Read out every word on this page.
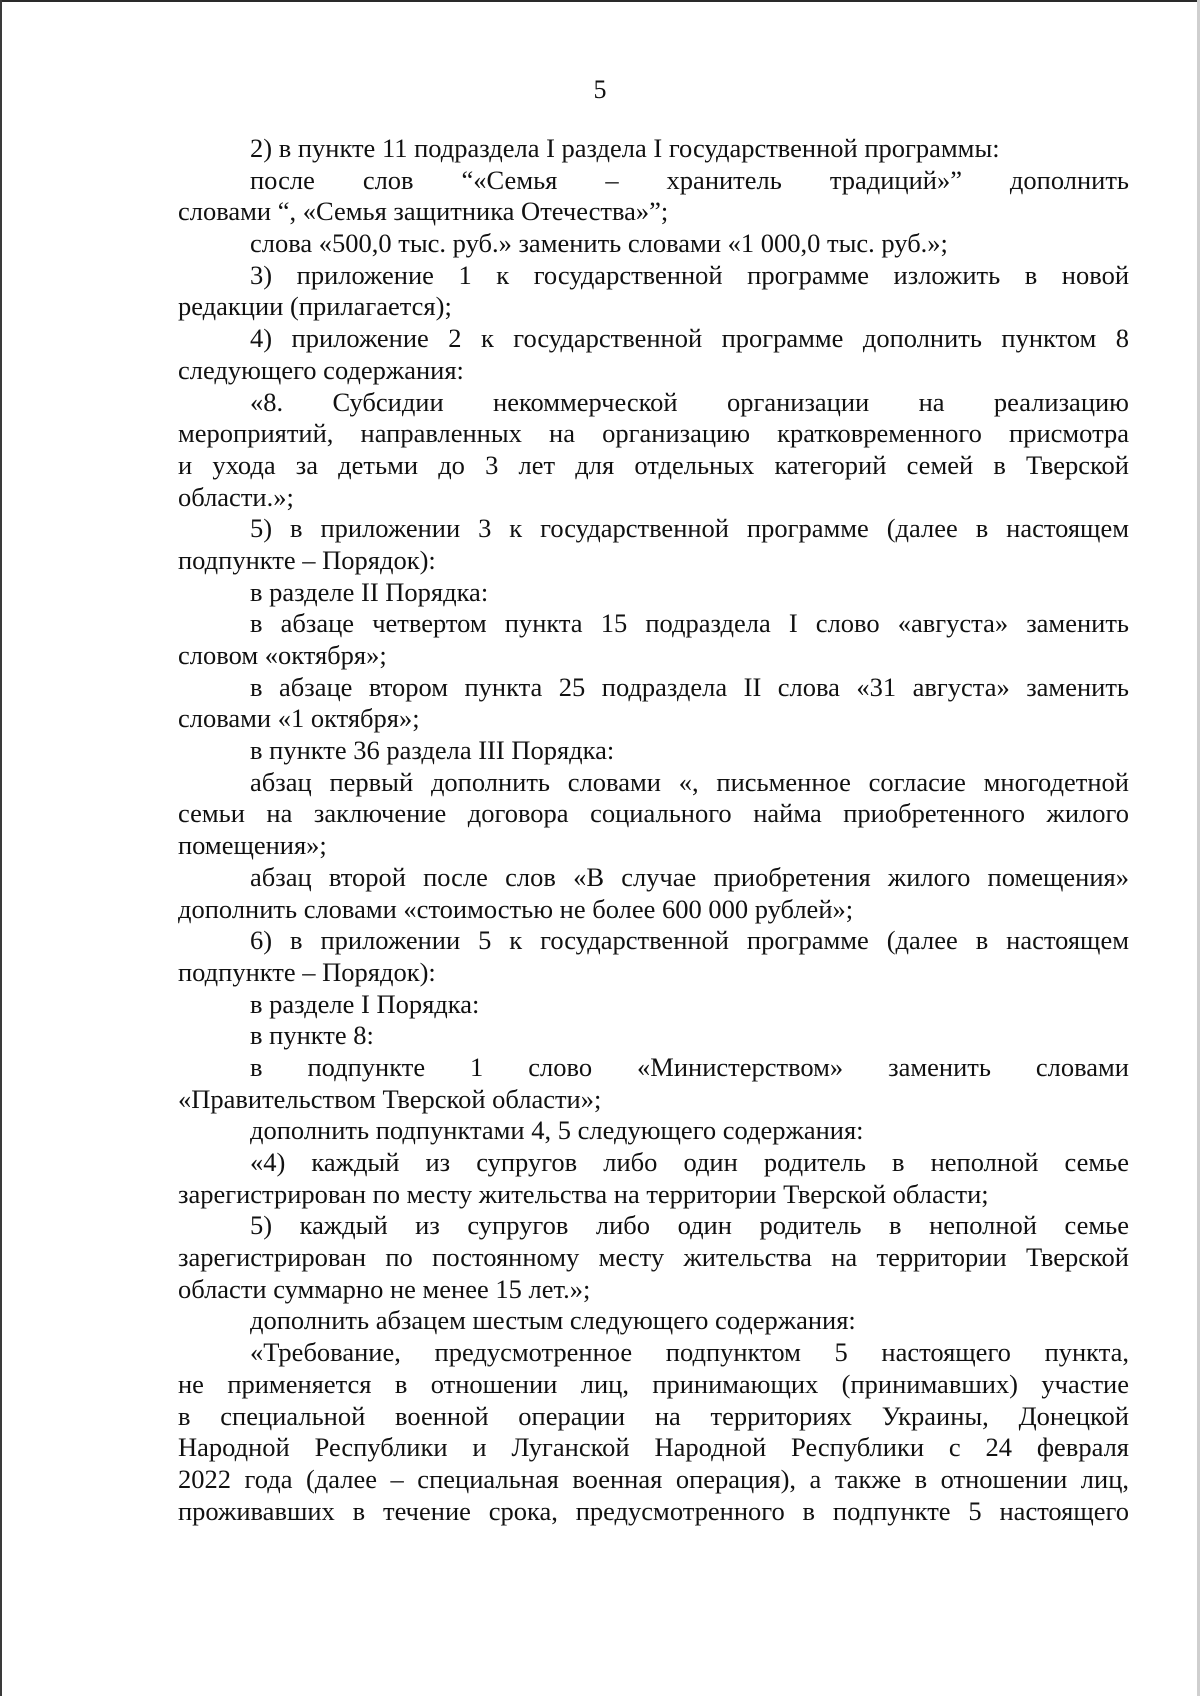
5
2) в пункте 11 подраздела I раздела I государственной программы:
после слов “«Семья – хранитель традиций»” дополнить
словами “, «Семья защитника Отечества»”;
слова «500,0 тыс. руб.» заменить словами «1 000,0 тыс. руб.»;
3) приложение 1 к государственной программе изложить в новой
редакции (прилагается);
4) приложение 2 к государственной программе дополнить пунктом 8
следующего содержания:
«8. Субсидии некоммерческой организации на реализацию
мероприятий, направленных на организацию кратковременного присмотра
и ухода за детьми до 3 лет для отдельных категорий семей в Тверской
области.»;
5) в приложении 3 к государственной программе (далее в настоящем
подпункте – Порядок):
в разделе II Порядка:
в абзаце четвертом пункта 15 подраздела I слово «августа» заменить
словом «октября»;
в абзаце втором пункта 25 подраздела II слова «31 августа» заменить
словами «1 октября»;
в пункте 36 раздела III Порядка:
абзац первый дополнить словами «, письменное согласие многодетной
семьи на заключение договора социального найма приобретенного жилого
помещения»;
абзац второй после слов «В случае приобретения жилого помещения»
дополнить словами «стоимостью не более 600 000 рублей»;
6) в приложении 5 к государственной программе (далее в настоящем
подпункте – Порядок):
в разделе I Порядка:
в пункте 8:
в подпункте 1 слово «Министерством» заменить словами
«Правительством Тверской области»;
дополнить подпунктами 4, 5 следующего содержания:
«4) каждый из супругов либо один родитель в неполной семье
зарегистрирован по месту жительства на территории Тверской области;
5) каждый из супругов либо один родитель в неполной семье
зарегистрирован по постоянному месту жительства на территории Тверской
области суммарно не менее 15 лет.»;
дополнить абзацем шестым следующего содержания:
«Требование, предусмотренное подпунктом 5 настоящего пункта,
не применяется в отношении лиц, принимающих (принимавших) участие
в специальной военной операции на территориях Украины, Донецкой
Народной Республики и Луганской Народной Республики с 24 февраля
2022 года (далее – специальная военная операция), а также в отношении лиц,
проживавших в течение срока, предусмотренного в подпункте 5 настоящего
